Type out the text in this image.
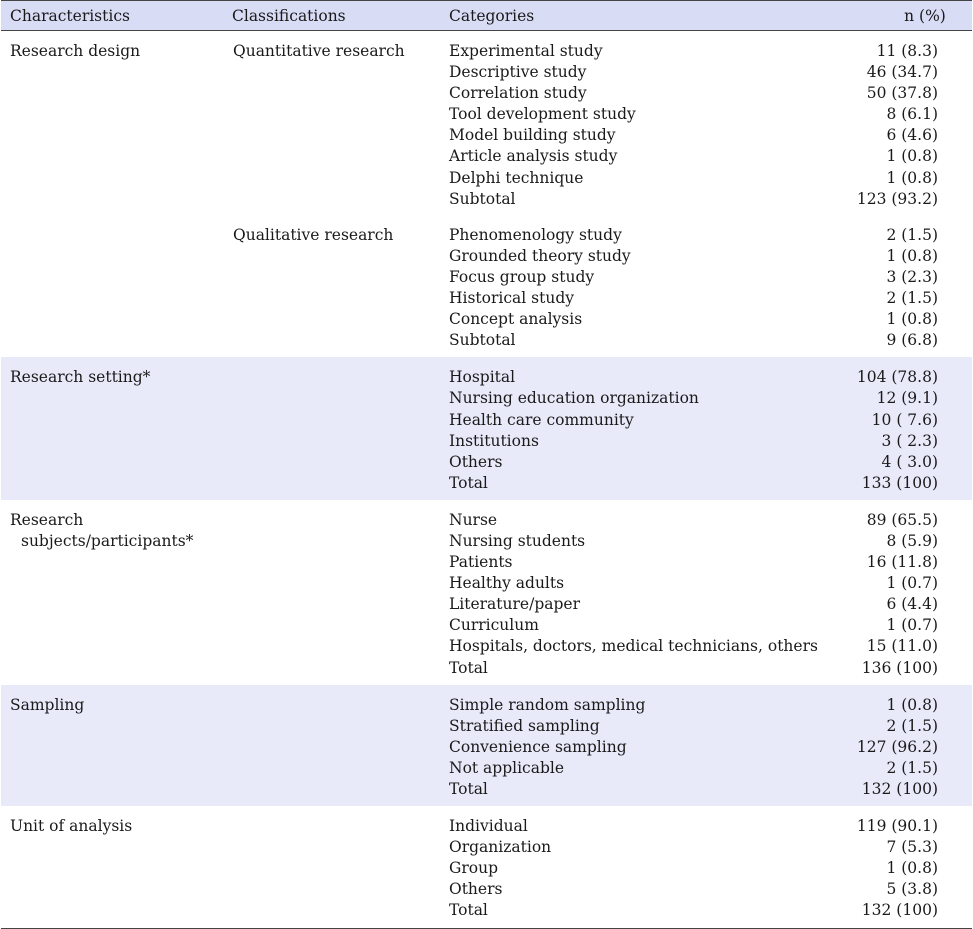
Characteristics	Classifications	Categories	n (%)
Research design	Quantitative research	Experimental study	11 (8.3)
		Descriptive study	46 (34.7)
		Correlation study	50 (37.8)
		Tool development study	8 (6.1)
		Model building study	6 (4.6)
		Article analysis study	1 (0.8)
		Delphi technique	1 (0.8)
		Subtotal	123 (93.2)
	Qualitative research	Phenomenology study	2 (1.5)
		Grounded theory study	1 (0.8)
		Focus group study	3 (2.3)
		Historical study	2 (1.5)
		Concept analysis	1 (0.8)
		Subtotal	9 (6.8)
Research setting*		Hospital	104 (78.8)
		Nursing education organization	12 (9.1)
		Health care community	10 ( 7.6)
		Institutions	3 ( 2.3)
		Others	4 ( 3.0)
		Total	133 (100)
Research		Nurse	89 (65.5)
subjects/participants*		Nursing students	8 (5.9)
		Patients	16 (11.8)
		Healthy adults	1 (0.7)
		Literature/paper	6 (4.4)
		Curriculum	1 (0.7)
		Hospitals, doctors, medical technicians, others	15 (11.0)
		Total	136 (100)
Sampling		Simple random sampling	1 (0.8)
		Stratified sampling	2 (1.5)
		Convenience sampling	127 (96.2)
		Not applicable	2 (1.5)
		Total	132 (100)
Unit of analysis		Individual	119 (90.1)
		Organization	7 (5.3)
		Group	1 (0.8)
		Others	5 (3.8)
		Total	132 (100)
